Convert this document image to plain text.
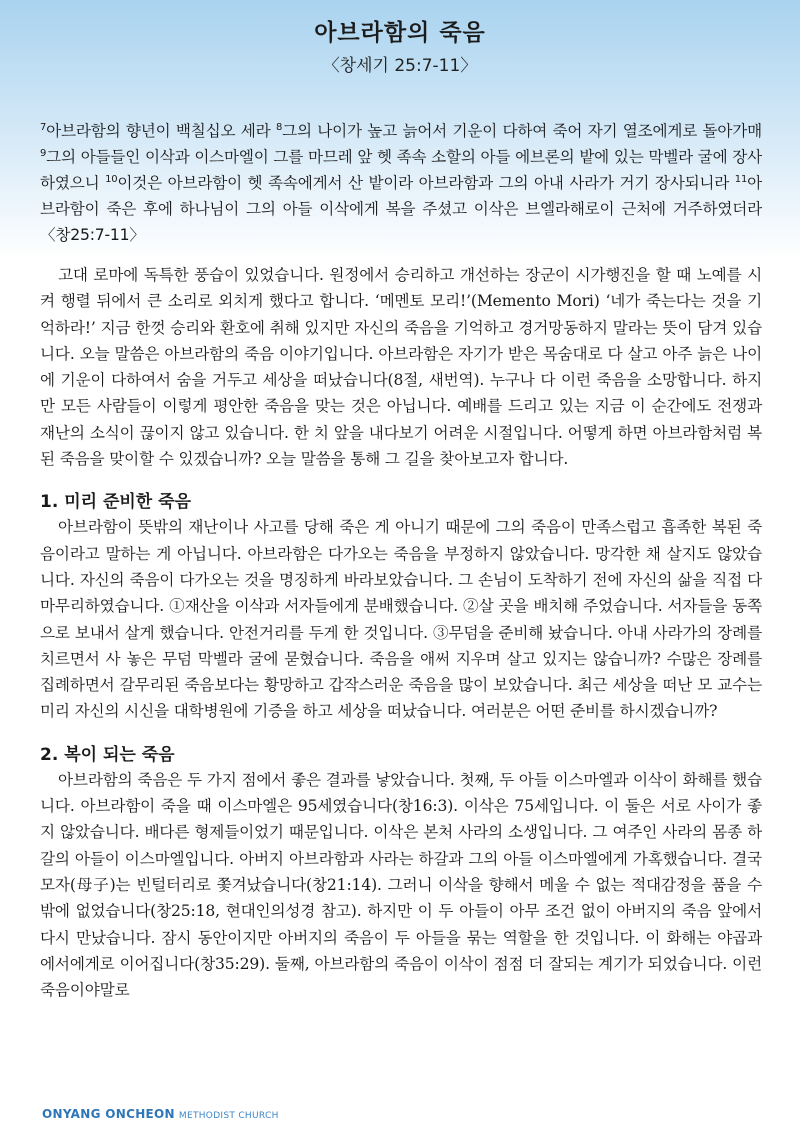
아브라함의 죽음
〈창세기 25:7-11〉
$^7$아브라함의 향년이 백칠십오 세라 $^8$그의 나이가 높고 늙어서 기운이 다하여 죽어 자기 열조에게로 돌아가매 $^9$그의 아들들인 이삭과 이스마엘이 그를 마므레 앞 헷 족속 소할의 아들 에브론의 밭에 있는 막벨라 굴에 장사하였으니 $^{10}$이것은 아브라함이 헷 족속에게서 산 밭이라 아브라함과 그의 아내 사라가 거기 장사되니라 $^{11}$아브라함이 죽은 후에 하나님이 그의 아들 이삭에게 복을 주셨고 이삭은 브엘라해로이 근처에 거주하였더라〈창25:7-11〉

고대 로마에 독특한 풍습이 있었습니다. 원정에서 승리하고 개선하는 장군이 시가행진을 할 때 노예를 시켜 행렬 뒤에서 큰 소리로 외치게 했다고 합니다. ‘메멘토 모리!’(Memento Mori) ‘네가 죽는다는 것을 기억하라!’ 지금 한껏 승리와 환호에 취해 있지만 자신의 죽음을 기억하고 경거망동하지 말라는 뜻이 담겨 있습니다. 오늘 말씀은 아브라함의 죽음 이야기입니다. 아브라함은 자기가 받은 목숨대로 다 살고 아주 늙은 나이에 기운이 다하여서 숨을 거두고 세상을 떠났습니다(8절, 새번역). 누구나 다 이런 죽음을 소망합니다. 하지만 모든 사람들이 이렇게 평안한 죽음을 맞는 것은 아닙니다. 예배를 드리고 있는 지금 이 순간에도 전쟁과 재난의 소식이 끊이지 않고 있습니다. 한 치 앞을 내다보기 어려운 시절입니다. 어떻게 하면 아브라함처럼 복된 죽음을 맞이할 수 있겠습니까? 오늘 말씀을 통해 그 길을 찾아보고자 합니다.

1. 미리 준비한 죽음

아브라함이 뜻밖의 재난이나 사고를 당해 죽은 게 아니기 때문에 그의 죽음이 만족스럽고 흡족한 복된 죽음이라고 말하는 게 아닙니다. 아브라함은 다가오는 죽음을 부정하지 않았습니다. 망각한 채 살지도 않았습니다. 자신의 죽음이 다가오는 것을 명징하게 바라보았습니다. 그 손님이 도착하기 전에 자신의 삶을 직접 다 마무리하였습니다. ①재산을 이삭과 서자들에게 분배했습니다. ②살 곳을 배치해 주었습니다. 서자들을 동쪽으로 보내서 살게 했습니다. 안전거리를 두게 한 것입니다. ③무덤을 준비해 놨습니다. 아내 사라가의 장례를 치르면서 사 놓은 무덤 막벨라 굴에 묻혔습니다. 죽음을 애써 지우며 살고 있지는 않습니까? 수많은 장례를 집례하면서 갈무리된 죽음보다는 황망하고 갑작스러운 죽음을 많이 보았습니다. 최근 세상을 떠난 모 교수는 미리 자신의 시신을 대학병원에 기증을 하고 세상을 떠났습니다. 여러분은 어떤 준비를 하시겠습니까?

2. 복이 되는 죽음

아브라함의 죽음은 두 가지 점에서 좋은 결과를 낳았습니다. 첫째, 두 아들 이스마엘과 이삭이 화해를 했습니다. 아브라함이 죽을 때 이스마엘은 95세였습니다(창16:3). 이삭은 75세입니다. 이 둘은 서로 사이가 좋지 않았습니다. 배다른 형제들이었기 때문입니다. 이삭은 본처 사라의 소생입니다. 그 여주인 사라의 몸종 하갈의 아들이 이스마엘입니다. 아버지 아브라함과 사라는 하갈과 그의 아들 이스마엘에게 가혹했습니다. 결국 모자(母子)는 빈털터리로 쫓겨났습니다(창21:14). 그러니 이삭을 향해서 메울 수 없는 적대감정을 품을 수밖에 없었습니다(창25:18, 현대인의성경 참고). 하지만 이 두 아들이 아무 조건 없이 아버지의 죽음 앞에서 다시 만났습니다. 잠시 동안이지만 아버지의 죽음이 두 아들을 묶는 역할을 한 것입니다. 이 화해는 야곱과 에서에게로 이어집니다(창35:29). 둘째, 아브라함의 죽음이 이삭이 점점 더 잘되는 계기가 되었습니다. 이런 죽음이야말로

ONYANG ONCHEON METHODIST CHURCH
